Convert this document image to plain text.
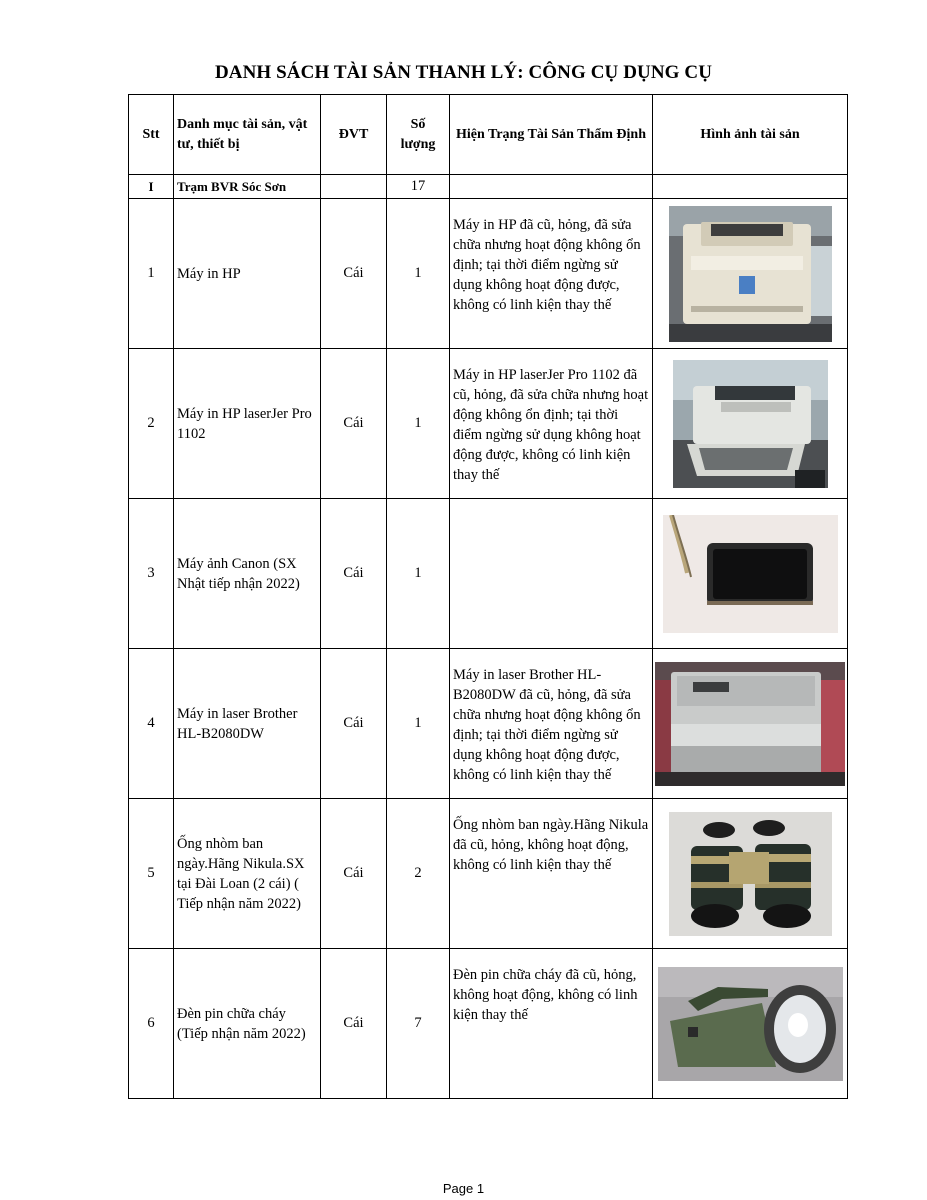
DANH SÁCH TÀI SẢN THANH LÝ: CÔNG CỤ DỤNG CỤ
Stt	Danh mục tài sản, vật tư, thiết bị	ĐVT	Số lượng	Hiện Trạng Tài Sản Thẩm Định	Hình ảnh tài sản
I	Trạm BVR Sóc Sơn		17		
1	Máy in HP	Cái	1	Máy in HP đã cũ, hỏng, đã sửa chữa nhưng hoạt động không ổn định; tại thời điểm ngừng sử dụng không hoạt động được, không có linh kiện thay thế	

2	Máy in HP laserJer Pro 1102	Cái	1	Máy in HP laserJer Pro 1102 đã cũ, hỏng, đã sửa chữa nhưng hoạt động không ổn định; tại thời điểm ngừng sử dụng không hoạt động được, không có linh kiện thay thế	

3	Máy ảnh Canon (SX Nhật tiếp nhận 2022)	Cái	1		

4	Máy in laser Brother HL-B2080DW	Cái	1	Máy in laser Brother HL-B2080DW đã cũ, hỏng, đã sửa chữa nhưng hoạt động không ổn định; tại thời điểm ngừng sử dụng không hoạt động được, không có linh kiện thay thế	

5	Ống nhòm ban ngày.Hãng Nikula.SX tại Đài Loan (2 cái) ( Tiếp nhận năm 2022)	Cái	2	Ống nhòm ban ngày.Hãng Nikula đã cũ, hỏng, không hoạt động, không có linh kiện thay thế	

6	Đèn pin chữa cháy (Tiếp nhận năm 2022)	Cái	7	Đèn pin chữa cháy đã cũ, hỏng, không hoạt động, không có linh kiện thay thế	
Page 1
